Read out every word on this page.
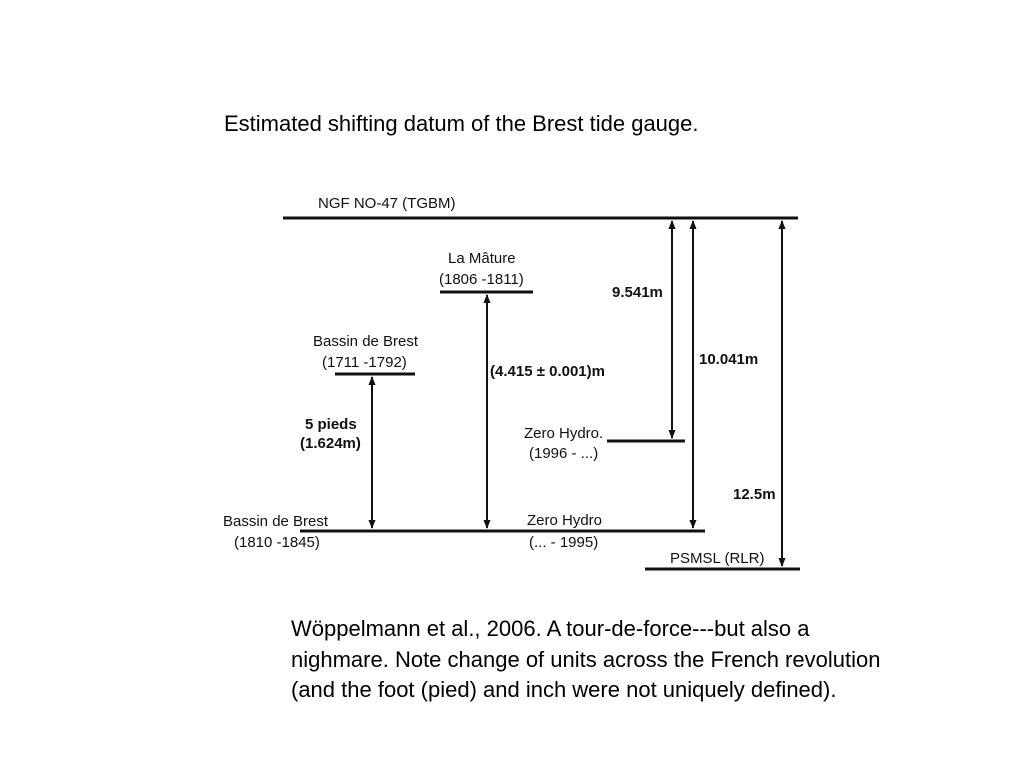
Estimated shifting datum of the Brest tide gauge.
NGF NO-47 (TGBM)
La Mâture
(1806 -1811)
Bassin de Brest
(1711 -1792)
5 pieds
(1.624m)
(4.415 ± 0.001)m
9.541m
10.041m
12.5m
Zero Hydro.
(1996 - ...)
Bassin de Brest
(1810 -1845)
Zero Hydro
(... - 1995)
PSMSL (RLR)
Wöppelmann et al., 2006. A tour-de-force---but also a nighmare. Note change of units across the French revolution (and the foot (pied) and inch were not uniquely defined).
